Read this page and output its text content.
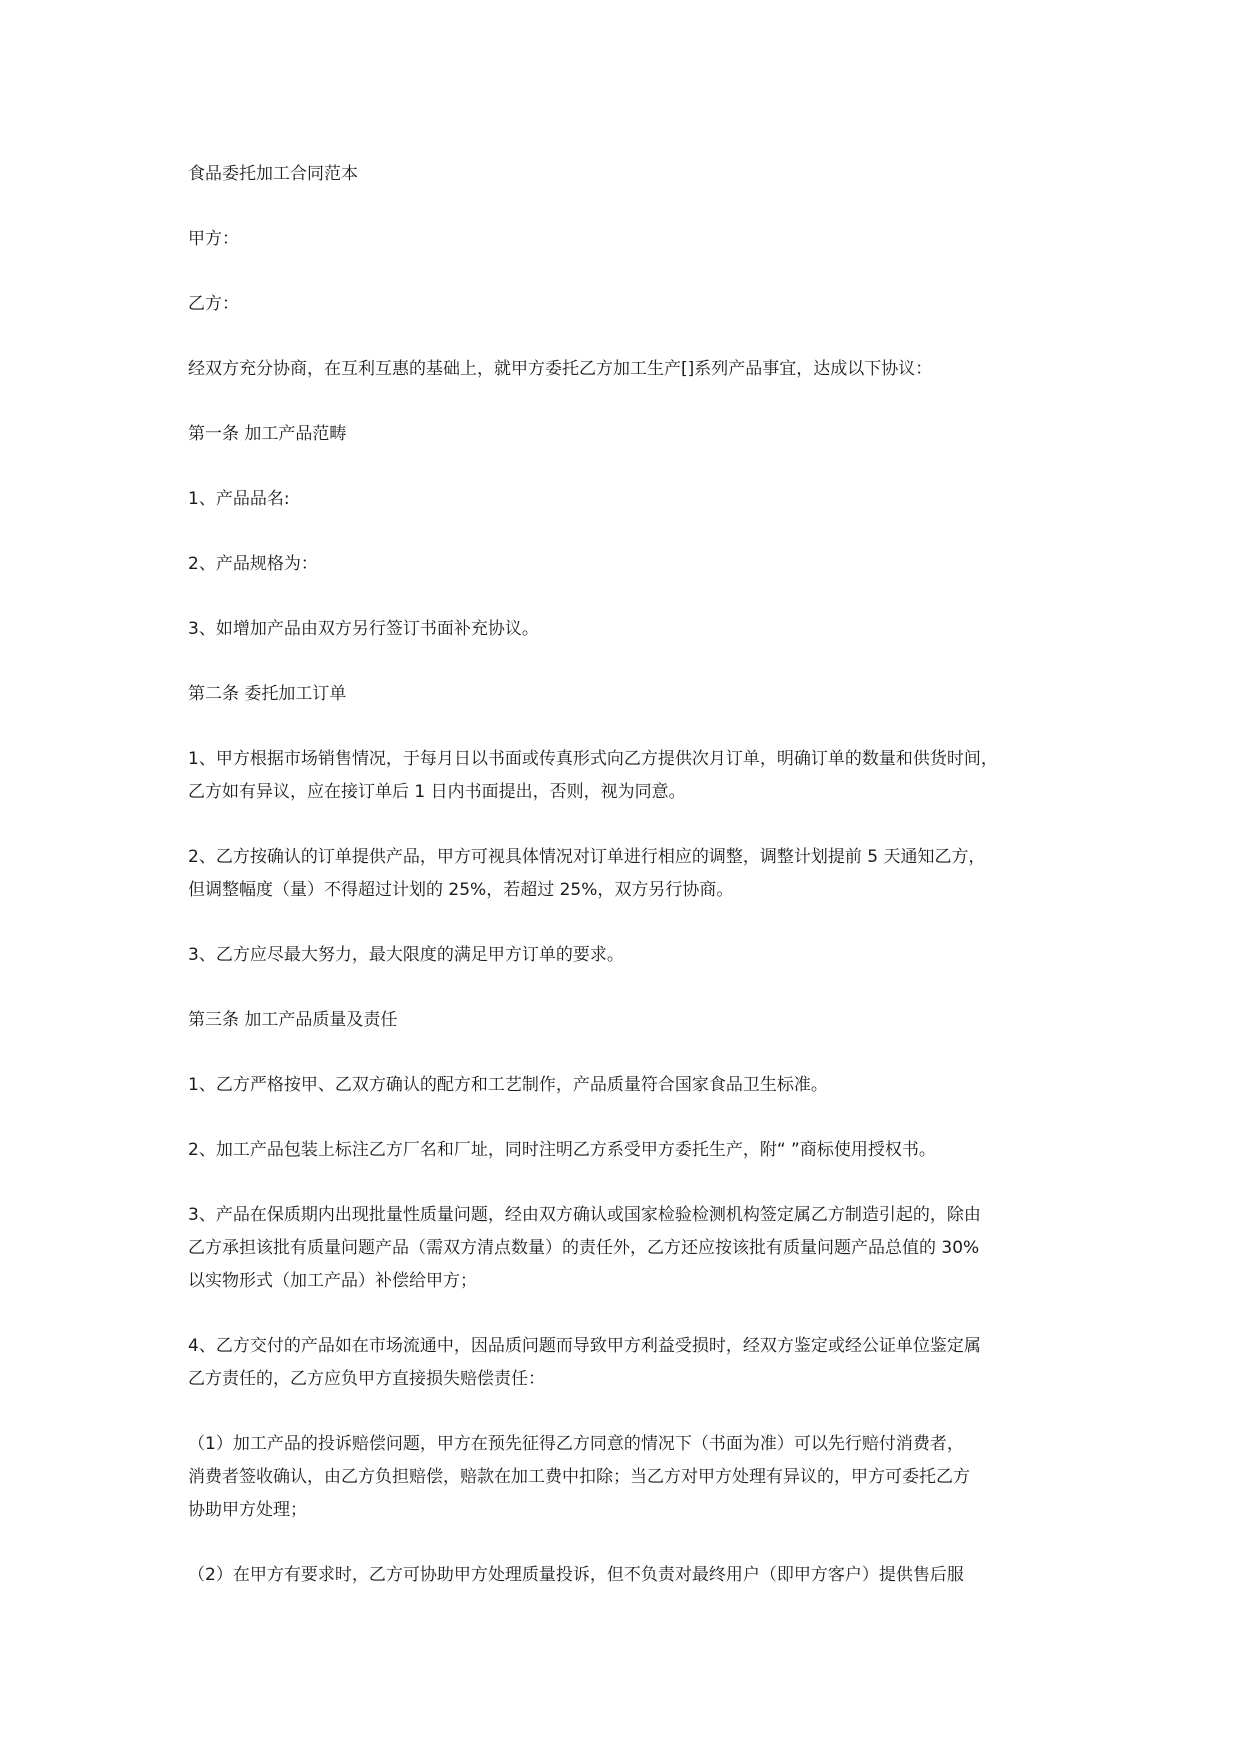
食品委托加工合同范本

甲方：

乙方：

经双方充分协商，在互利互惠的基础上，就甲方委托乙方加工生产[]系列产品事宜，达成以下协议：

第一条 加工产品范畴

1、产品品名:

2、产品规格为：

3、如增加产品由双方另行签订书面补充协议。

第二条 委托加工订单

1、甲方根据市场销售情况，于每月日以书面或传真形式向乙方提供次月订单，明确订单的数量和供货时间，
乙方如有异议，应在接订单后 1 日内书面提出，否则，视为同意。

2、乙方按确认的订单提供产品，甲方可视具体情况对订单进行相应的调整，调整计划提前 5 天通知乙方，
但调整幅度（量）不得超过计划的 25%，若超过 25%，双方另行协商。

3、乙方应尽最大努力，最大限度的满足甲方订单的要求。

第三条 加工产品质量及责任

1、乙方严格按甲、乙双方确认的配方和工艺制作，产品质量符合国家食品卫生标准。

2、加工产品包装上标注乙方厂名和厂址，同时注明乙方系受甲方委托生产，附“ ”商标使用授权书。

3、产品在保质期内出现批量性质量问题，经由双方确认或国家检验检测机构签定属乙方制造引起的，除由
乙方承担该批有质量问题产品（需双方清点数量）的责任外，乙方还应按该批有质量问题产品总值的 30%
以实物形式（加工产品）补偿给甲方；

4、乙方交付的产品如在市场流通中，因品质问题而导致甲方利益受损时，经双方鉴定或经公证单位鉴定属
乙方责任的，乙方应负甲方直接损失赔偿责任：

（1）加工产品的投诉赔偿问题，甲方在预先征得乙方同意的情况下（书面为准）可以先行赔付消费者，
消费者签收确认，由乙方负担赔偿，赔款在加工费中扣除；当乙方对甲方处理有异议的，甲方可委托乙方
协助甲方处理；

（2）在甲方有要求时，乙方可协助甲方处理质量投诉，但不负责对最终用户（即甲方客户）提供售后服
